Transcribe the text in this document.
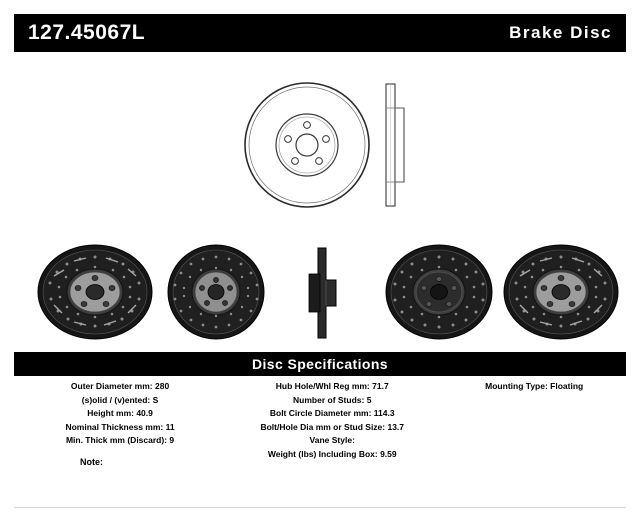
127.45067L	Brake Disc
Disc Specifications
Outer Diameter mm: 280
(s)olid / (v)ented: S
Height mm: 40.9
Nominal Thickness mm: 11
Min. Thick mm (Discard): 9
Hub Hole/Whl Reg mm: 71.7
Number of Studs: 5
Bolt Circle Diameter mm: 114.3
Bolt/Hole Dia mm or Stud Size: 13.7
Vane Style:
Weight (lbs) Including Box: 9.59
Mounting Type: Floating
Note:
